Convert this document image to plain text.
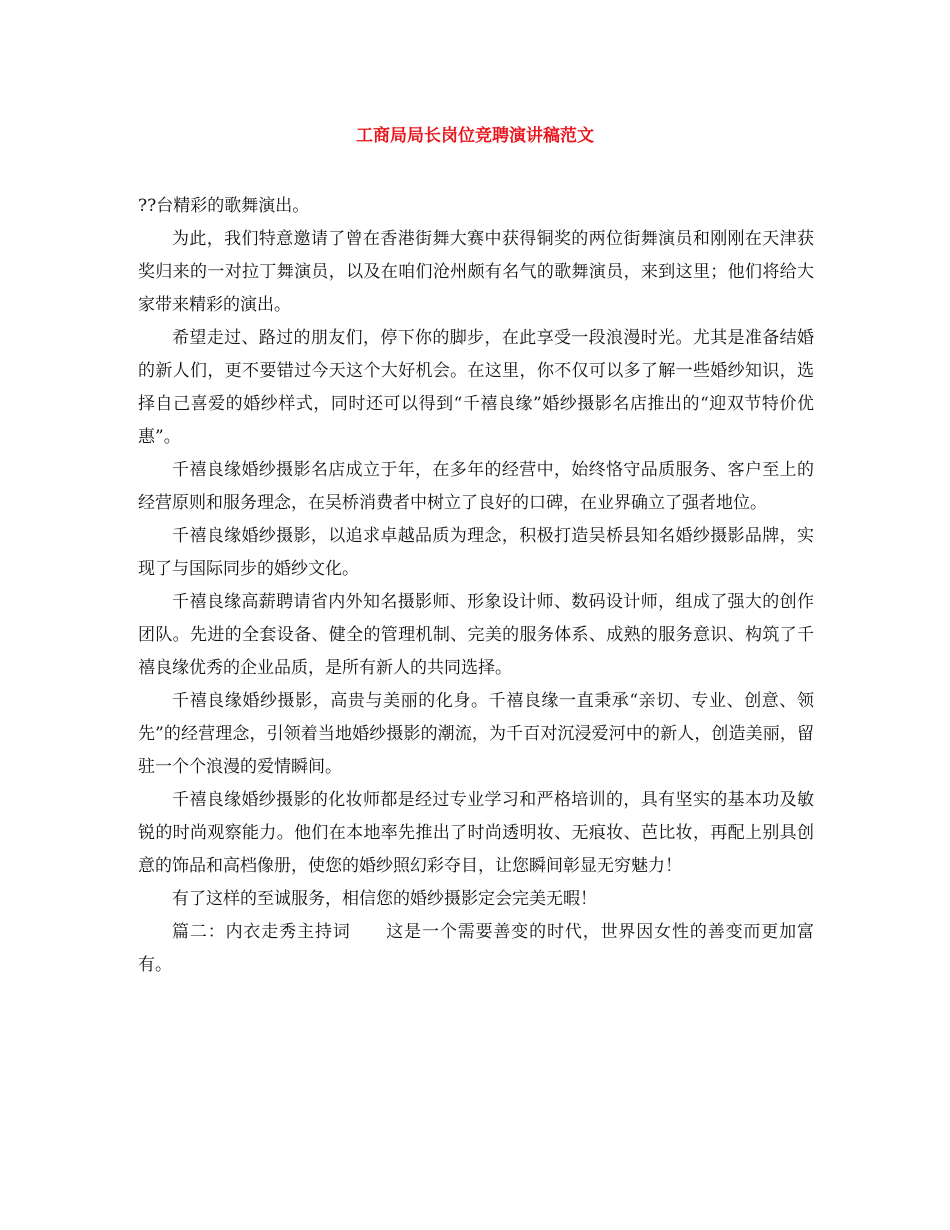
工商局局长岗位竞聘演讲稿范文

??台精彩的歌舞演出。

为此，我们特意邀请了曾在香港街舞大赛中获得铜奖的两位街舞演员和刚刚在天津获奖归来的一对拉丁舞演员，以及在咱们沧州颇有名气的歌舞演员，来到这里；他们将给大家带来精彩的演出。

希望走过、路过的朋友们，停下你的脚步，在此享受一段浪漫时光。尤其是准备结婚的新人们，更不要错过今天这个大好机会。在这里，你不仅可以多了解一些婚纱知识，选择自己喜爱的婚纱样式，同时还可以得到“千禧良缘”婚纱摄影名店推出的“迎双节特价优惠”。

千禧良缘婚纱摄影名店成立于年，在多年的经营中，始终恪守品质服务、客户至上的经营原则和服务理念，在吴桥消费者中树立了良好的口碑，在业界确立了强者地位。

千禧良缘婚纱摄影，以追求卓越品质为理念，积极打造吴桥县知名婚纱摄影品牌，实现了与国际同步的婚纱文化。

千禧良缘高薪聘请省内外知名摄影师、形象设计师、数码设计师，组成了强大的创作团队。先进的全套设备、健全的管理机制、完美的服务体系、成熟的服务意识、构筑了千禧良缘优秀的企业品质，是所有新人的共同选择。

千禧良缘婚纱摄影，高贵与美丽的化身。千禧良缘一直秉承“亲切、专业、创意、领先”的经营理念，引领着当地婚纱摄影的潮流，为千百对沉浸爱河中的新人，创造美丽，留驻一个个浪漫的爱情瞬间。

千禧良缘婚纱摄影的化妆师都是经过专业学习和严格培训的，具有坚实的基本功及敏锐的时尚观察能力。他们在本地率先推出了时尚透明妆、无痕妆、芭比妆，再配上别具创意的饰品和高档像册，使您的婚纱照幻彩夺目，让您瞬间彰显无穷魅力！

有了这样的至诚服务，相信您的婚纱摄影定会完美无暇！

篇二：内衣走秀主持词　　这是一个需要善变的时代，世界因女性的善变而更加富有。
